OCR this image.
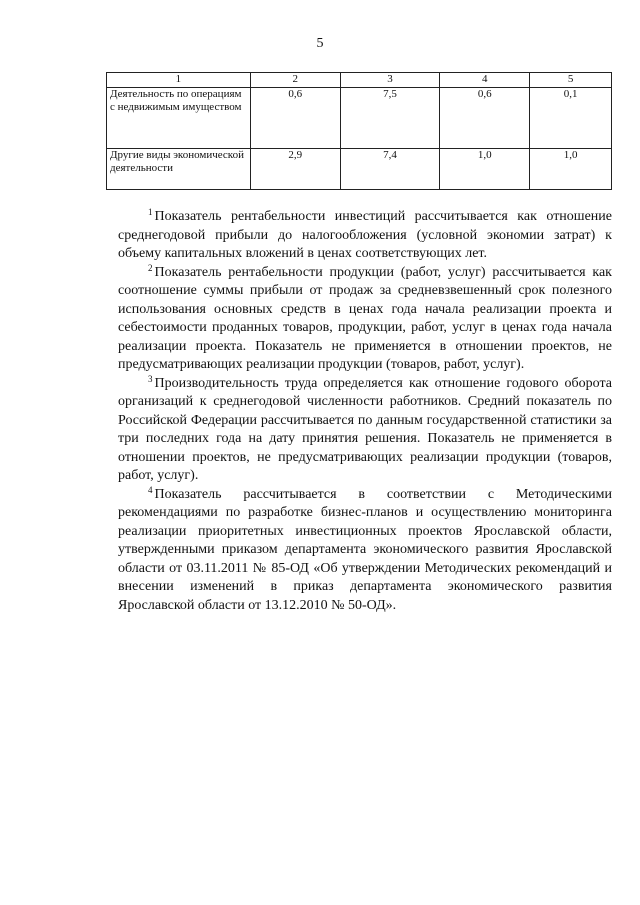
5
1	2	3	4	5
Деятельность по операциям с недвижимым имуществом	0,6	7,5	0,6	0,1
Другие виды экономической деятельности	2,9	7,4	1,0	1,0

$^1$ Показатель рентабельности инвестиций рассчитывается как отношение среднегодовой прибыли до налогообложения (условной экономии затрат) к объему капитальных вложений в ценах соответствующих лет.

$^2$ Показатель рентабельности продукции (работ, услуг) рассчитывается как соотношение суммы прибыли от продаж за средневзвешенный срок полезного использования основных средств в ценах года начала реализации проекта и себестоимости проданных товаров, продукции, работ, услуг в ценах года начала реализации проекта. Показатель не применяется в отношении проектов, не предусматривающих реализации продукции (товаров, работ, услуг).

$^3$ Производительность труда определяется как отношение годового оборота организаций к среднегодовой численности работников. Средний показатель по Российской Федерации рассчитывается по данным государственной статистики за три последних года на дату принятия решения. Показатель не применяется в отношении проектов, не предусматривающих реализации продукции (товаров, работ, услуг).

$^4$ Показатель рассчитывается в соответствии с Методическими рекомендациями по разработке бизнес-планов и осуществлению мониторинга реализации приоритетных инвестиционных проектов Ярославской области, утвержденными приказом департамента экономического развития Ярославской области от 03.11.2011 № 85-ОД «Об утверждении Методических рекомендаций и внесении изменений в приказ департамента экономического развития Ярославской области от 13.12.2010 № 50-ОД».
